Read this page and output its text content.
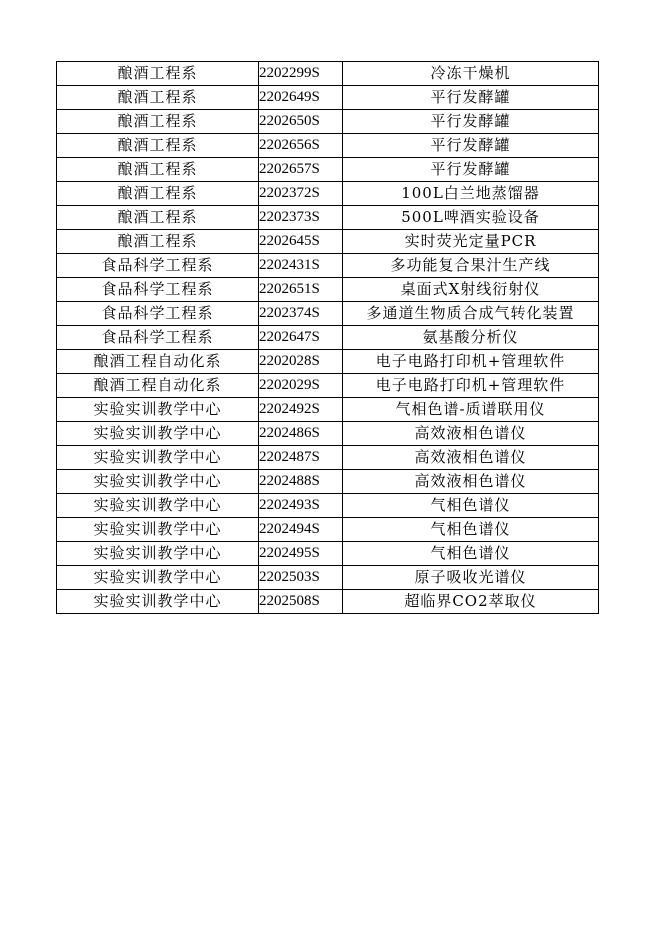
酿酒工程系	2202299S	冷冻干燥机
酿酒工程系	2202649S	平行发酵罐
酿酒工程系	2202650S	平行发酵罐
酿酒工程系	2202656S	平行发酵罐
酿酒工程系	2202657S	平行发酵罐
酿酒工程系	2202372S	100L白兰地蒸馏器
酿酒工程系	2202373S	500L啤酒实验设备
酿酒工程系	2202645S	实时荧光定量PCR
食品科学工程系	2202431S	多功能复合果汁生产线
食品科学工程系	2202651S	桌面式X射线衍射仪
食品科学工程系	2202374S	多通道生物质合成气转化装置
食品科学工程系	2202647S	氨基酸分析仪
酿酒工程自动化系	2202028S	电子电路打印机+管理软件
酿酒工程自动化系	2202029S	电子电路打印机+管理软件
实验实训教学中心	2202492S	气相色谱-质谱联用仪
实验实训教学中心	2202486S	高效液相色谱仪
实验实训教学中心	2202487S	高效液相色谱仪
实验实训教学中心	2202488S	高效液相色谱仪
实验实训教学中心	2202493S	气相色谱仪
实验实训教学中心	2202494S	气相色谱仪
实验实训教学中心	2202495S	气相色谱仪
实验实训教学中心	2202503S	原子吸收光谱仪
实验实训教学中心	2202508S	超临界CO2萃取仪
